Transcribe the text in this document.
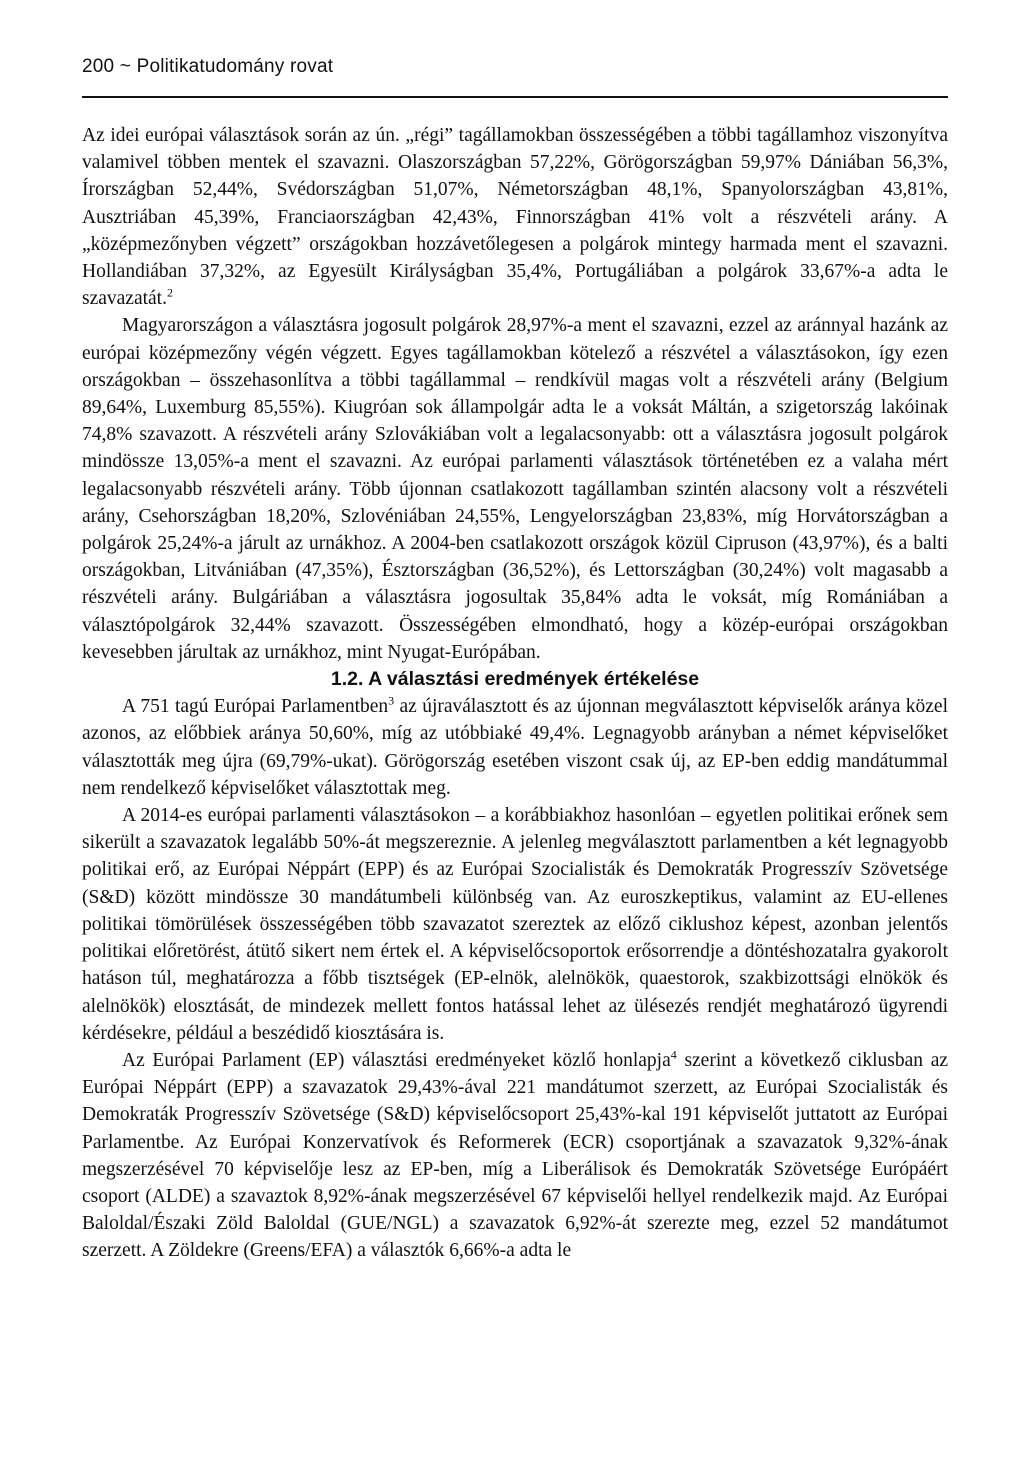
200 ~ Politikatudomány rovat

Az idei európai választások során az ún. „régi” tagállamokban összességében a többi tagállamhoz viszonyítva valamivel többen mentek el szavazni. Olaszországban 57,22%, Görögországban 59,97% Dániában 56,3%, Írországban 52,44%, Svédországban 51,07%, Németországban 48,1%, Spanyolországban 43,81%, Ausztriában 45,39%, Franciaországban 42,43%, Finnországban 41% volt a részvételi arány. A „középmezőnyben végzett” országokban hozzávetőlegesen a polgárok mintegy harmada ment el szavazni. Hollandiában 37,32%, az Egyesült Királyságban 35,4%, Portugáliában a polgárok 33,67%-a adta le szavazatát.$^2$

Magyarországon a választásra jogosult polgárok 28,97%-a ment el szavazni, ezzel az aránnyal hazánk az európai középmezőny végén végzett. Egyes tagállamokban kötelező a részvétel a választásokon, így ezen országokban – összehasonlítva a többi tagállammal – rendkívül magas volt a részvételi arány (Belgium 89,64%, Luxemburg 85,55%). Kiugróan sok állampolgár adta le a voksát Máltán, a szigetország lakóinak 74,8% szavazott. A részvételi arány Szlovákiában volt a legalacsonyabb: ott a választásra jogosult polgárok mindössze 13,05%-a ment el szavazni. Az európai parlamenti választások történetében ez a valaha mért legalacsonyabb részvételi arány. Több újonnan csatlakozott tagállamban szintén alacsony volt a részvételi arány, Csehországban 18,20%, Szlovéniában 24,55%, Lengyelországban 23,83%, míg Horvátországban a polgárok 25,24%-a járult az urnákhoz. A 2004-ben csatlakozott országok közül Cipruson (43,97%), és a balti országokban, Litvániában (47,35%), Észtországban (36,52%), és Lettországban (30,24%) volt magasabb a részvételi arány. Bulgáriában a választásra jogosultak 35,84% adta le voksát, míg Romániában a választópolgárok 32,44% szavazott. Összességében elmondható, hogy a közép-európai országokban kevesebben járultak az urnákhoz, mint Nyugat-Európában.

1.2. A választási eredmények értékelése

A 751 tagú Európai Parlamentben$^3$ az újraválasztott és az újonnan megválasztott képviselők aránya közel azonos, az előbbiek aránya 50,60%, míg az utóbbiaké 49,4%. Legnagyobb arányban a német képviselőket választották meg újra (69,79%-ukat). Görögország esetében viszont csak új, az EP-ben eddig mandátummal nem rendelkező képviselőket választottak meg.

A 2014-es európai parlamenti választásokon – a korábbiakhoz hasonlóan – egyetlen politikai erőnek sem sikerült a szavazatok legalább 50%-át megszereznie. A jelenleg megválasztott parlamentben a két legnagyobb politikai erő, az Európai Néppárt (EPP) és az Európai Szocialisták és Demokraták Progresszív Szövetsége (S&D) között mindössze 30 mandátumbeli különbség van. Az euroszkeptikus, valamint az EU-ellenes politikai tömörülések összességében több szavazatot szereztek az előző ciklushoz képest, azonban jelentős politikai előretörést, átütő sikert nem értek el. A képviselőcsoportok erősorrendje a döntéshozatalra gyakorolt hatáson túl, meghatározza a főbb tisztségek (EP-elnök, alelnökök, quaestorok, szakbizottsági elnökök és alelnökök) elosztását, de mindezek mellett fontos hatással lehet az ülésezés rendjét meghatározó ügyrendi kérdésekre, például a beszédidő kiosztására is.

Az Európai Parlament (EP) választási eredményeket közlő honlapja$^4$ szerint a következő ciklusban az Európai Néppárt (EPP) a szavazatok 29,43%-ával 221 mandátumot szerzett, az Európai Szocialisták és Demokraták Progresszív Szövetsége (S&D) képviselőcsoport 25,43%-kal 191 képviselőt juttatott az Európai Parlamentbe. Az Európai Konzervatívok és Reformerek (ECR) csoportjának a szavazatok 9,32%-ának megszerzésével 70 képviselője lesz az EP-ben, míg a Liberálisok és Demokraták Szövetsége Európáért csoport (ALDE) a szavaztok 8,92%-ának megszerzésével 67 képviselői hellyel rendelkezik majd. Az Európai Baloldal/Északi Zöld Baloldal (GUE/NGL) a szavazatok 6,92%-át szerezte meg, ezzel 52 mandátumot szerzett. A Zöldekre (Greens/EFA) a választók 6,66%-a adta le
